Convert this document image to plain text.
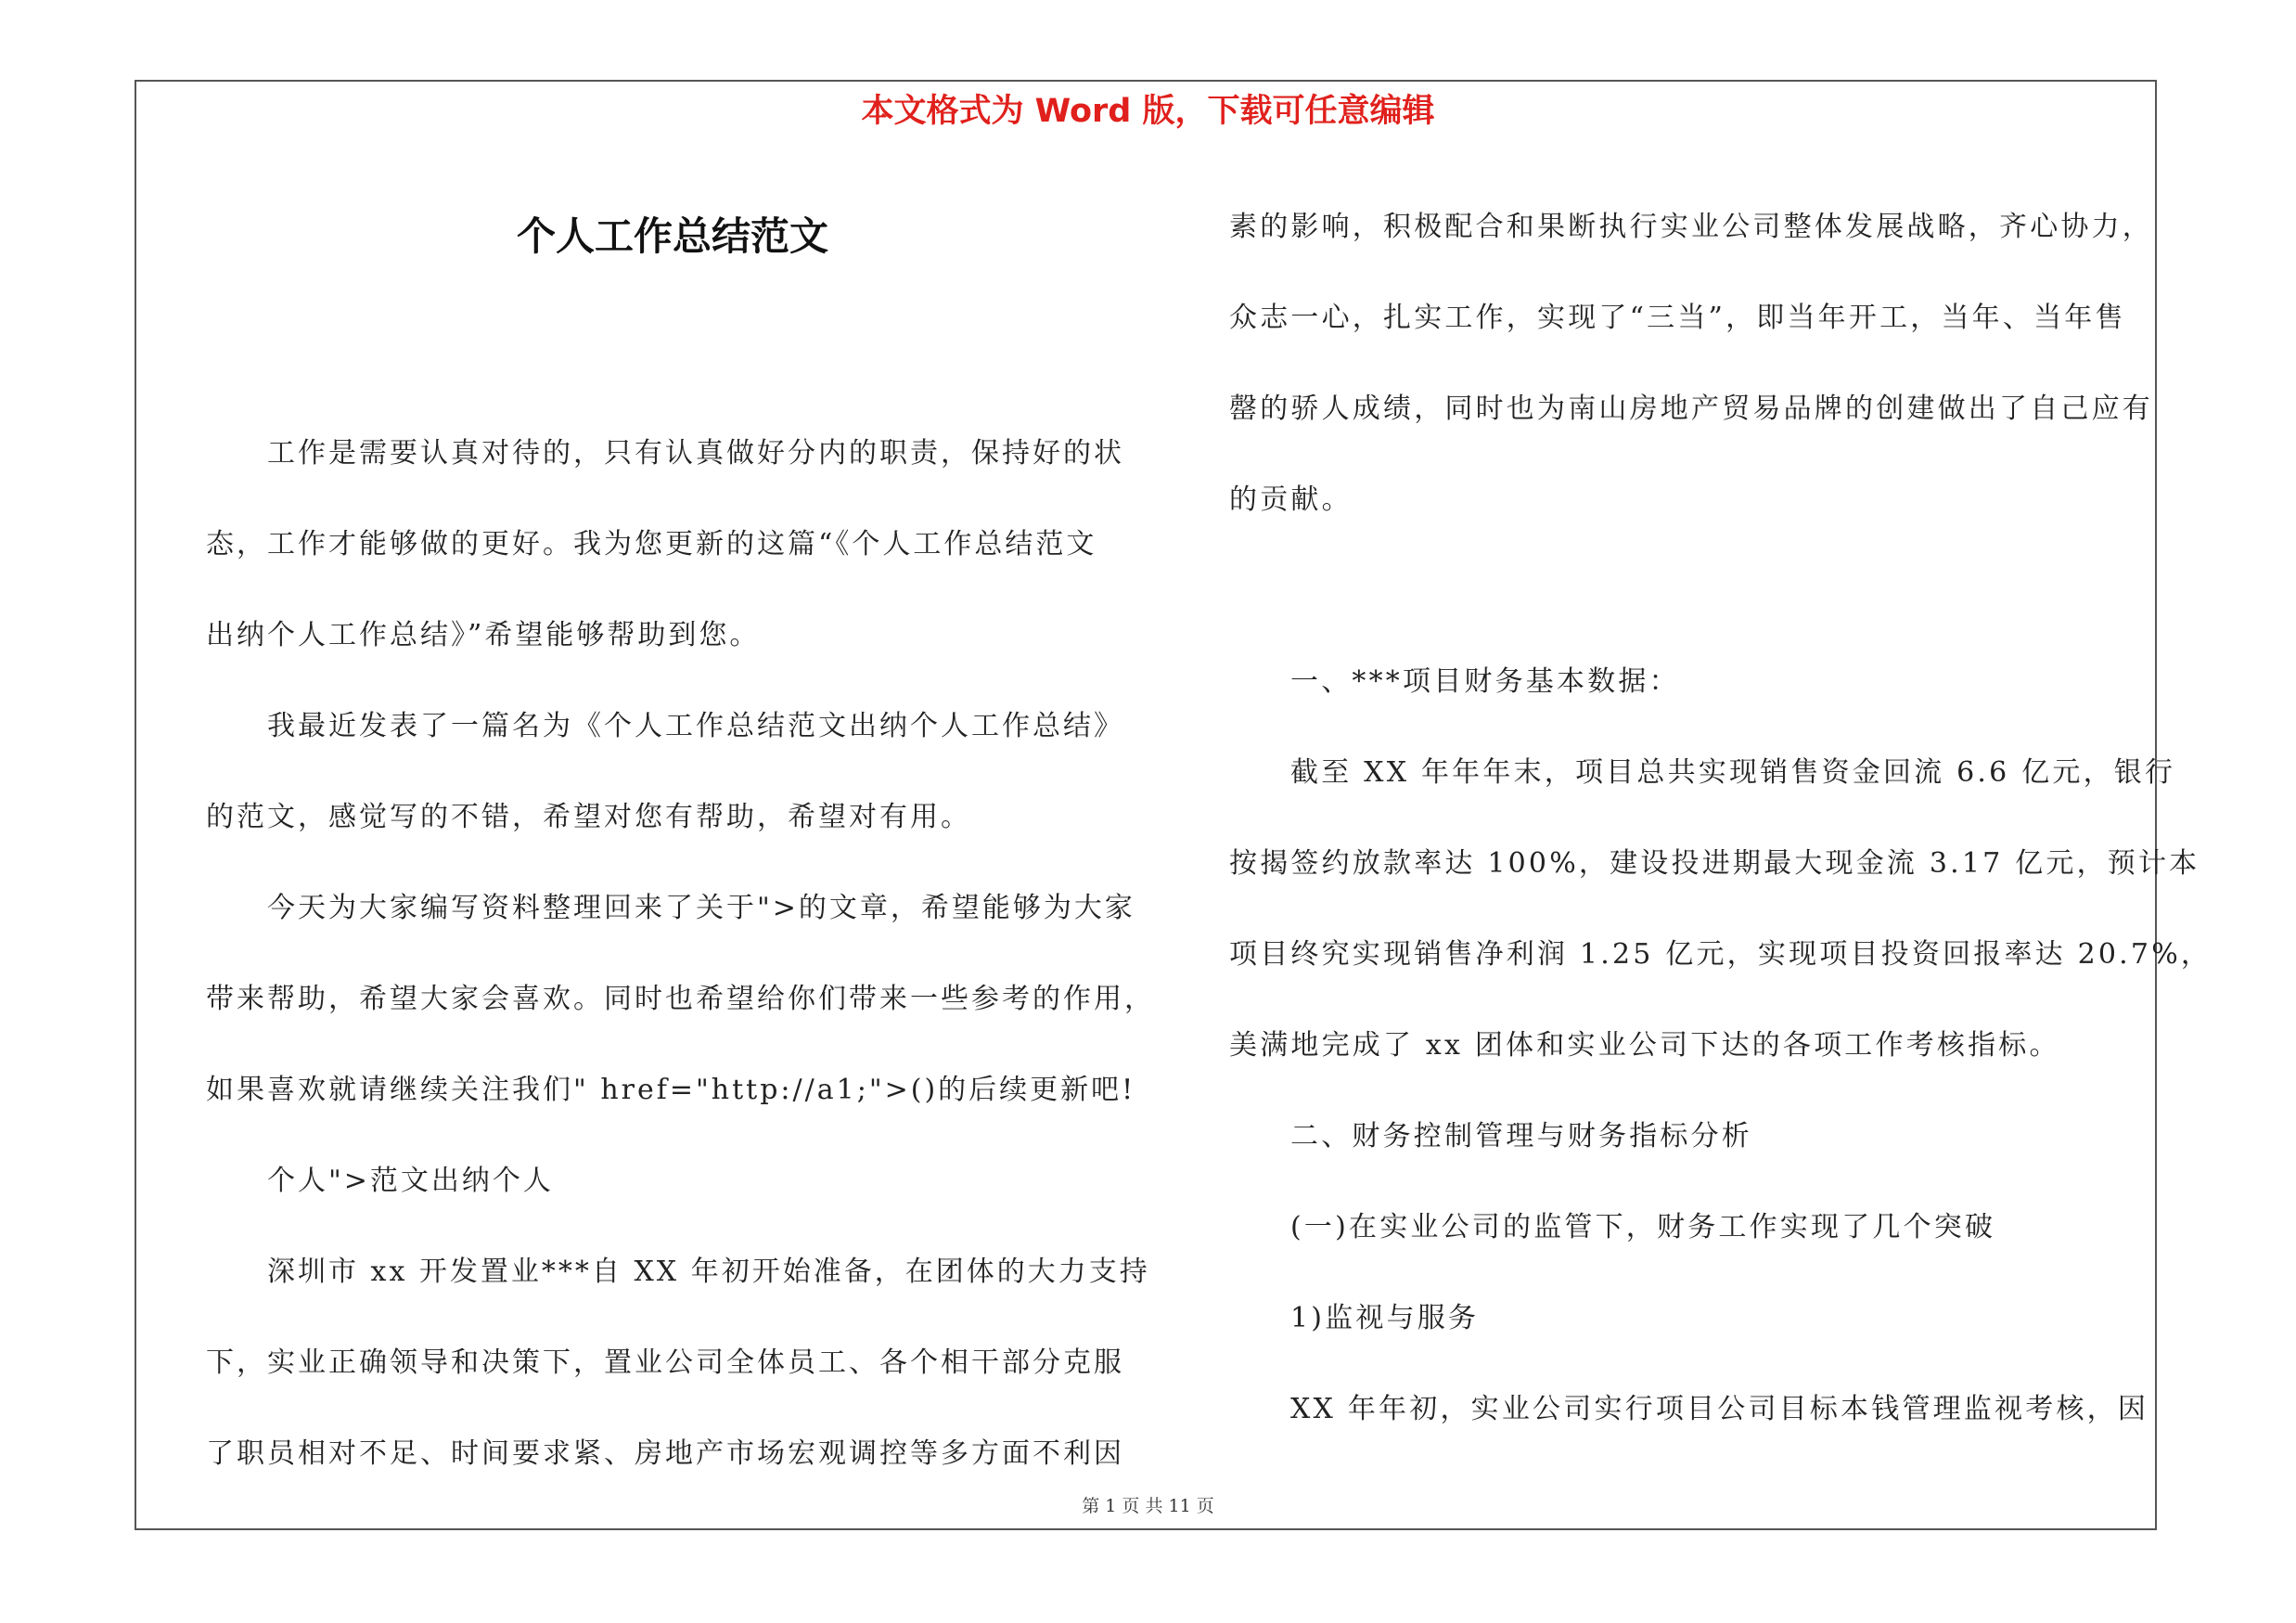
本文格式为 Word 版，下载可任意编辑
个人工作总结范文
工作是需要认真对待的，只有认真做好分内的职责，保持好的状
态，工作才能够做的更好。我为您更新的这篇“《个人工作总结范文
出纳个人工作总结》”希望能够帮助到您。
我最近发表了一篇名为《个人工作总结范文出纳个人工作总结》
的范文，感觉写的不错，希望对您有帮助，希望对有用。
今天为大家编写资料整理回来了关于">的文章，希望能够为大家
带来帮助，希望大家会喜欢。同时也希望给你们带来一些参考的作用，
如果喜欢就请继续关注我们" href="http://a1;">()的后续更新吧!
个人">范文出纳个人
深圳市 xx 开发置业***自 XX 年初开始准备，在团体的大力支持
下，实业正确领导和决策下，置业公司全体员工、各个相干部分克服
了职员相对不足、时间要求紧、房地产市场宏观调控等多方面不利因
素的影响，积极配合和果断执行实业公司整体发展战略，齐心协力，
众志一心，扎实工作，实现了“三当”，即当年开工，当年、当年售
罄的骄人成绩，同时也为南山房地产贸易品牌的创建做出了自己应有
的贡献。
一、***项目财务基本数据：
截至 XX 年年年末，项目总共实现销售资金回流 6.6 亿元，银行
按揭签约放款率达 100%，建设投进期最大现金流 3.17 亿元，预计本
项目终究实现销售净利润 1.25 亿元，实现项目投资回报率达 20.7%，
美满地完成了 xx 团体和实业公司下达的各项工作考核指标。
二、财务控制管理与财务指标分析
(一)在实业公司的监管下，财务工作实现了几个突破
1)监视与服务
XX 年年初，实业公司实行项目公司目标本钱管理监视考核，因
第 1 页 共 11 页
